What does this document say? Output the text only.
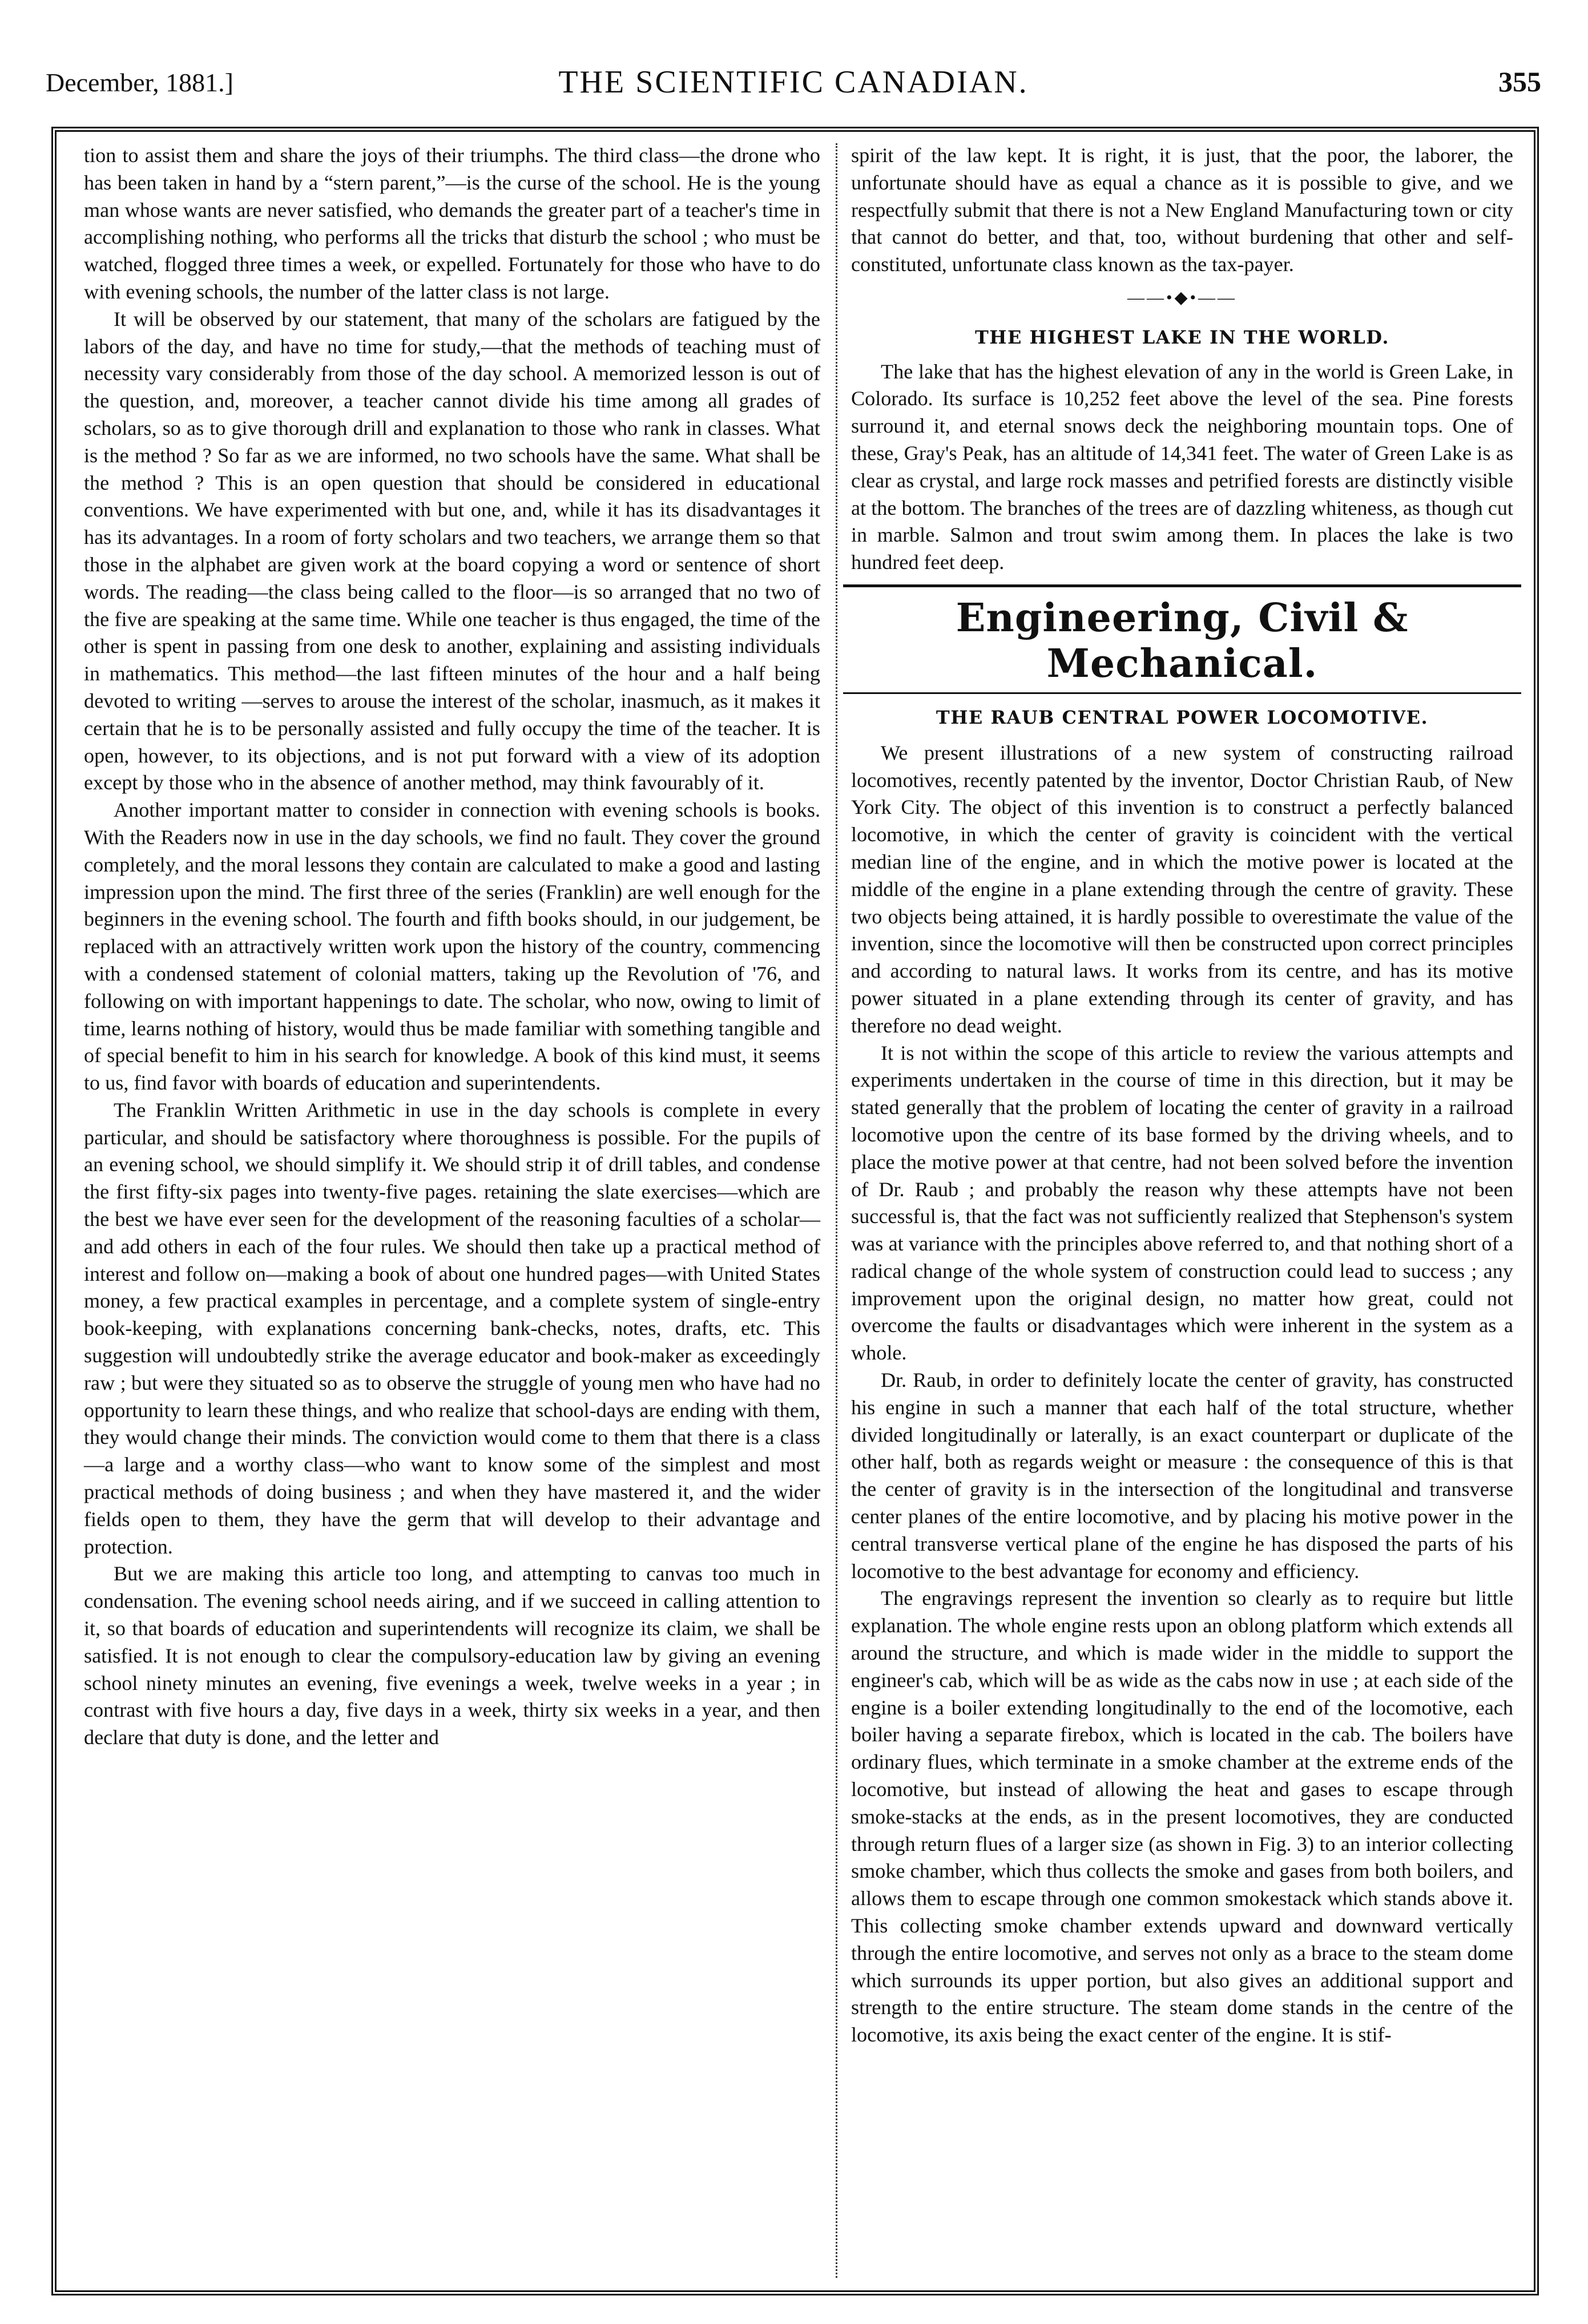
December, 1881.]	THE SCIENTIFIC CANADIAN.	355

tion to assist them and share the joys of their triumphs. The third class—the drone who has been taken in hand by a “stern parent,”—is the curse of the school. He is the young man whose wants are never satisfied, who demands the greater part of a teacher's time in accomplishing nothing, who performs all the tricks that disturb the school ; who must be watched, flogged three times a week, or expelled. Fortunately for those who have to do with evening schools, the number of the latter class is not large.

It will be observed by our statement, that many of the scholars are fatigued by the labors of the day, and have no time for study,—that the methods of teaching must of necessity vary considerably from those of the day school. A memorized lesson is out of the question, and, moreover, a teacher cannot divide his time among all grades of scholars, so as to give thorough drill and explanation to those who rank in classes. What is the method ? So far as we are informed, no two schools have the same. What shall be the method ? This is an open question that should be considered in educational conventions. We have experimented with but one, and, while it has its disadvantages it has its advantages. In a room of forty scholars and two teachers, we arrange them so that those in the alphabet are given work at the board copying a word or sentence of short words. The reading—the class being called to the floor—is so arranged that no two of the five are speaking at the same time. While one teacher is thus engaged, the time of the other is spent in passing from one desk to another, explaining and assisting individuals in mathematics. This method—the last fifteen minutes of the hour and a half being devoted to writing —serves to arouse the interest of the scholar, inasmuch, as it makes it certain that he is to be personally assisted and fully occupy the time of the teacher. It is open, however, to its objections, and is not put forward with a view of its adoption except by those who in the absence of another method, may think favourably of it.

Another important matter to consider in connection with evening schools is books. With the Readers now in use in the day schools, we find no fault. They cover the ground completely, and the moral lessons they contain are calculated to make a good and lasting impression upon the mind. The first three of the series (Franklin) are well enough for the beginners in the evening school. The fourth and fifth books should, in our judgement, be replaced with an attractively written work upon the history of the country, commencing with a condensed statement of colonial matters, taking up the Revolution of '76, and following on with important happenings to date. The scholar, who now, owing to limit of time, learns nothing of history, would thus be made familiar with something tangible and of special benefit to him in his search for knowledge. A book of this kind must, it seems to us, find favor with boards of education and superintendents.

The Franklin Written Arithmetic in use in the day schools is complete in every particular, and should be satisfactory where thoroughness is possible. For the pupils of an evening school, we should simplify it. We should strip it of drill tables, and condense the first fifty-six pages into twenty-five pages. retaining the slate exercises—which are the best we have ever seen for the development of the reasoning faculties of a scholar—and add others in each of the four rules. We should then take up a practical method of interest and follow on—making a book of about one hundred pages—with United States money, a few practical examples in percentage, and a complete system of single-entry book-keeping, with explanations concerning bank-checks, notes, drafts, etc. This suggestion will undoubtedly strike the average educator and book-maker as exceedingly raw ; but were they situated so as to observe the struggle of young men who have had no opportunity to learn these things, and who realize that school-days are ending with them, they would change their minds. The conviction would come to them that there is a class—a large and a worthy class—who want to know some of the simplest and most practical methods of doing business ; and when they have mastered it, and the wider fields open to them, they have the germ that will develop to their advantage and protection.

But we are making this article too long, and attempting to canvas too much in condensation. The evening school needs airing, and if we succeed in calling attention to it, so that boards of education and superintendents will recognize its claim, we shall be satisfied. It is not enough to clear the compulsory-education law by giving an evening school ninety minutes an evening, five evenings a week, twelve weeks in a year ; in contrast with five hours a day, five days in a week, thirty six weeks in a year, and then declare that duty is done, and the letter and

spirit of the law kept. It is right, it is just, that the poor, the laborer, the unfortunate should have as equal a chance as it is possible to give, and we respectfully submit that there is not a New England Manufacturing town or city that cannot do better, and that, too, without burdening that other and self-constituted, unfortunate class known as the tax-payer.

——•◆•——
THE HIGHEST LAKE IN THE WORLD.

The lake that has the highest elevation of any in the world is Green Lake, in Colorado. Its surface is 10,252 feet above the level of the sea. Pine forests surround it, and eternal snows deck the neighboring mountain tops. One of these, Gray's Peak, has an altitude of 14,341 feet. The water of Green Lake is as clear as crystal, and large rock masses and petrified forests are distinctly visible at the bottom. The branches of the trees are of dazzling whiteness, as though cut in marble. Salmon and trout swim among them. In places the lake is two hundred feet deep.

Engineering, Civil & Mechanical.
THE RAUB CENTRAL POWER LOCOMOTIVE.

We present illustrations of a new system of constructing railroad locomotives, recently patented by the inventor, Doctor Christian Raub, of New York City. The object of this invention is to construct a perfectly balanced locomotive, in which the center of gravity is coincident with the vertical median line of the engine, and in which the motive power is located at the middle of the engine in a plane extending through the centre of gravity. These two objects being attained, it is hardly possible to overestimate the value of the invention, since the locomotive will then be constructed upon correct principles and according to natural laws. It works from its centre, and has its motive power situated in a plane extending through its center of gravity, and has therefore no dead weight.

It is not within the scope of this article to review the various attempts and experiments undertaken in the course of time in this direction, but it may be stated generally that the problem of locating the center of gravity in a railroad locomotive upon the centre of its base formed by the driving wheels, and to place the motive power at that centre, had not been solved before the invention of Dr. Raub ; and probably the reason why these attempts have not been successful is, that the fact was not sufficiently realized that Stephenson's system was at variance with the principles above referred to, and that nothing short of a radical change of the whole system of construction could lead to success ; any improvement upon the original design, no matter how great, could not overcome the faults or disadvantages which were inherent in the system as a whole.

Dr. Raub, in order to definitely locate the center of gravity, has constructed his engine in such a manner that each half of the total structure, whether divided longitudinally or laterally, is an exact counterpart or duplicate of the other half, both as regards weight or measure : the consequence of this is that the center of gravity is in the intersection of the longitudinal and transverse center planes of the entire locomotive, and by placing his motive power in the central transverse vertical plane of the engine he has disposed the parts of his locomotive to the best advantage for economy and efficiency.

The engravings represent the invention so clearly as to require but little explanation. The whole engine rests upon an oblong platform which extends all around the structure, and which is made wider in the middle to support the engineer's cab, which will be as wide as the cabs now in use ; at each side of the engine is a boiler extending longitudinally to the end of the locomotive, each boiler having a separate firebox, which is located in the cab. The boilers have ordinary flues, which terminate in a smoke chamber at the extreme ends of the locomotive, but instead of allowing the heat and gases to escape through smoke-stacks at the ends, as in the present locomotives, they are conducted through return flues of a larger size (as shown in Fig. 3) to an interior collecting smoke chamber, which thus collects the smoke and gases from both boilers, and allows them to escape through one common smokestack which stands above it. This collecting smoke chamber extends upward and downward vertically through the entire locomotive, and serves not only as a brace to the steam dome which surrounds its upper portion, but also gives an additional support and strength to the entire structure. The steam dome stands in the centre of the locomotive, its axis being the exact center of the engine. It is stif-
